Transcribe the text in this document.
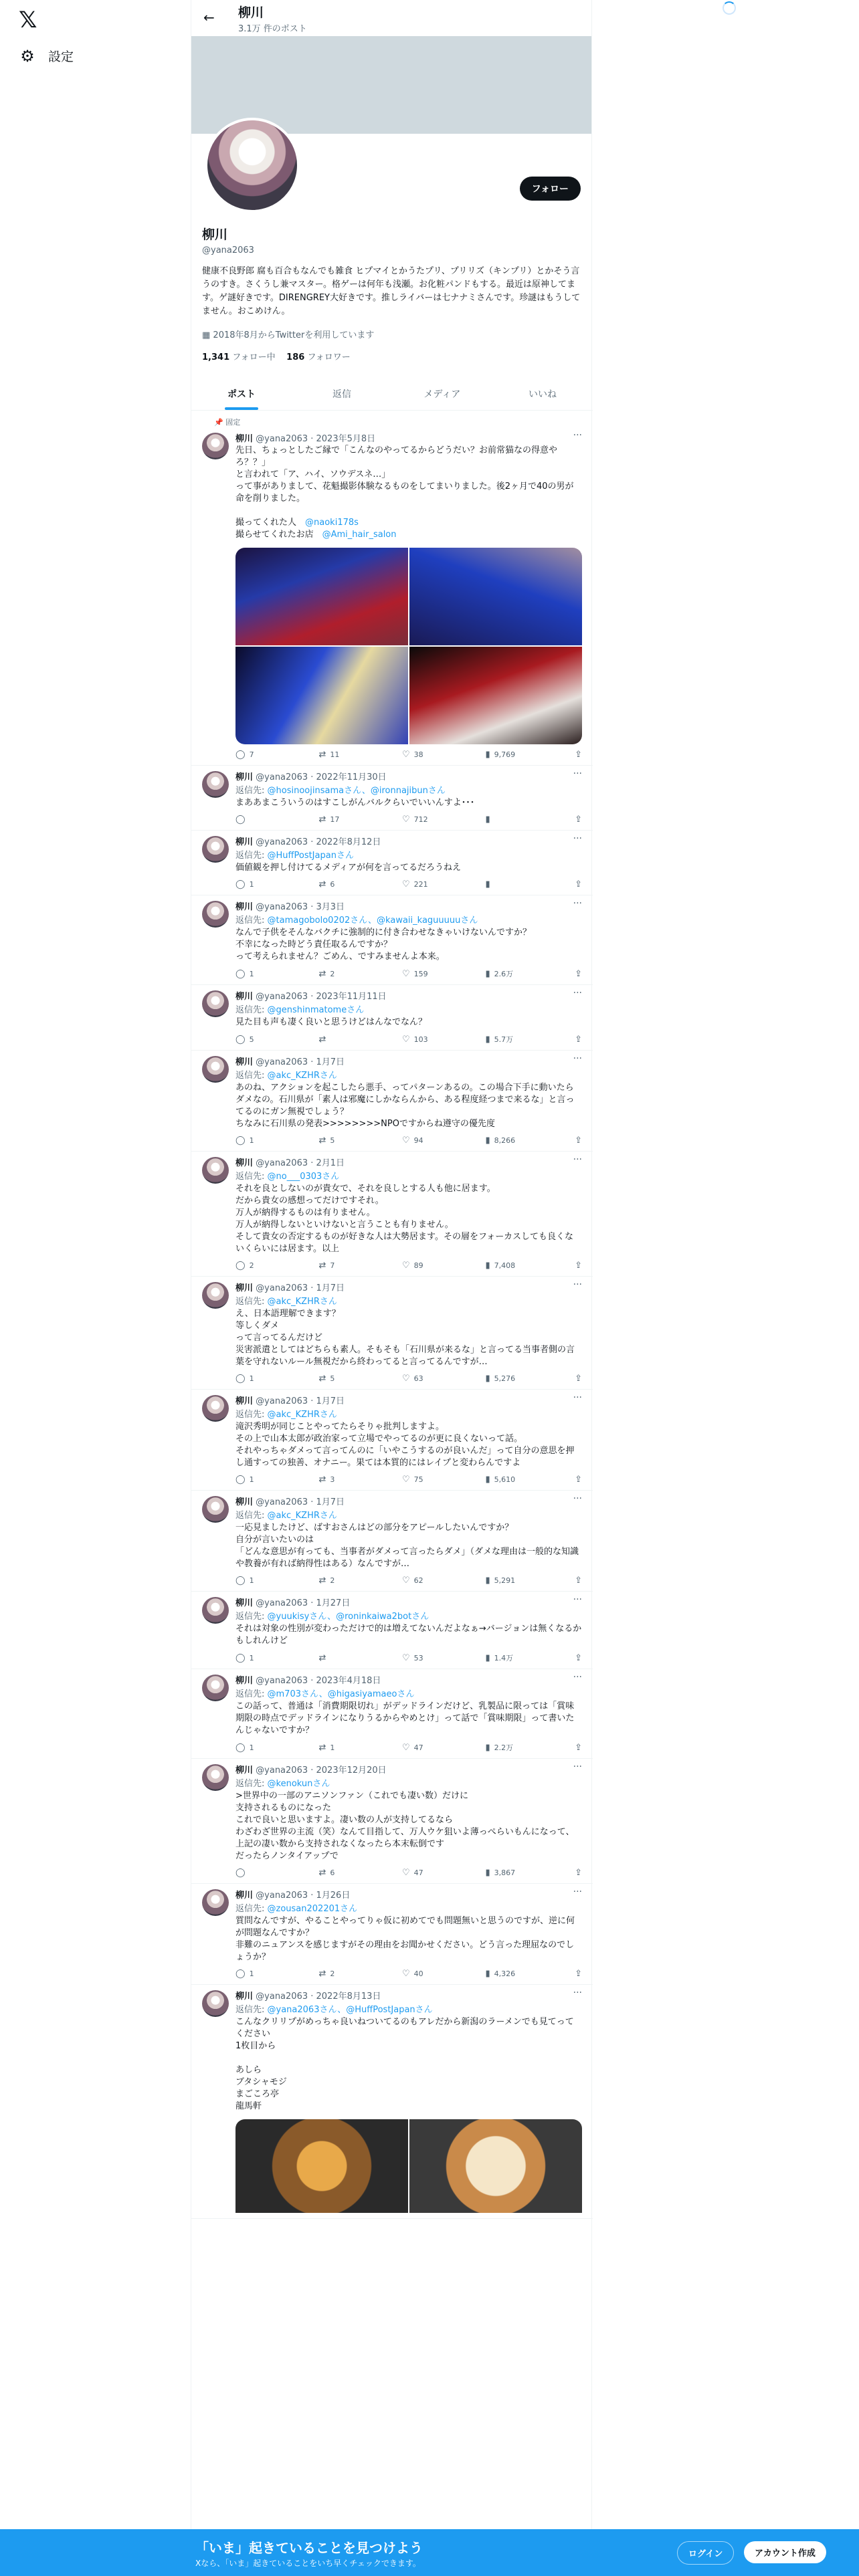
𝕏
⚙ 設定
← 柳川
3.1万 件のポスト
フォロー
柳川
@yana2063
健康不良野郎 腐も百合もなんでも雑食 ヒプマイとかうたプリ、プリリズ（キンプリ）とかそう言うのすき。さくうし兼マスター。格ゲーは何年も浅瀬。お化粧パンドもする。最近は原神してます。ゲ謎好きです。DIRENGREY大好きです。推しライバーは七ナナミさんです。珍謎はもうしてません。おこめけん。
▦ 2018年8月からTwitterを利用しています
1,341 フォロー中 186 フォロワー
ポスト	返信	メディア	いいね
📌 固定
···
柳川 @yana2063 · 2023年5月8日
先日、ちょっとしたご縁で「こんなのやってるからどうだい？お前常猫なの得意やろ？？」
と言われて「ア、ハイ、ソウデスネ…」
って事がありまして、花魁撮影体験なるものをしてまいりました。後2ヶ月で40の男が命を削りました。

撮ってくれた人　@naoki178s
撮らせてくれたお店　@Ami_hair_salon
◯ 7	⇄ 11	♡ 38	▮ 9,769	⇪
···
柳川 @yana2063 · 2022年11月30日
返信先: @hosinoojinsamaさん、@ironnajibunさん
まああまこういうのはすこしがんバルクらいでいいんすよ･･･
◯	⇄ 17	♡ 712	▮	⇪
···
柳川 @yana2063 · 2022年8月12日
返信先: @HuffPostJapanさん
価値観を押し付けてるメディアが何を言ってるだろうねえ
◯ 1	⇄ 6	♡ 221	▮	⇪
···
柳川 @yana2063 · 3月3日
返信先: @tamagobolo0202さん、@kawaii_kaguuuuuさん
なんで子供をそんなバクチに強制的に付き合わせなきゃいけないんですか？
不幸になった時どう責任取るんですか？
って考えられません？ごめん、ですみませんよ本来。
◯ 1	⇄ 2	♡ 159	▮ 2.6万	⇪
···
柳川 @yana2063 · 2023年11月11日
返信先: @genshinmatomeさん
見た目も声も凄く良いと思うけどはんなでなん？
◯ 5	⇄	♡ 103	▮ 5.7万	⇪
···
柳川 @yana2063 · 1月7日
返信先: @akc_KZHRさん
あのね、アクションを起こしたら悪手、ってパターンあるの。この場合下手に動いたらダメなの。石川県が「素人は邪魔にしかならんから、ある程度経つまで来るな」と言ってるのにガン無視でしょう？
ちなみに石川県の発表>>>>>>>>NPOですからね遵守の優先度
◯ 1	⇄ 5	♡ 94	▮ 8,266	⇪
···
柳川 @yana2063 · 2月1日
返信先: @no___0303さん
それを良としないのが貴女で、それを良しとする人も他に居ます。
だから貴女の感想ってだけですそれ。
万人が納得するものは有りません。
万人が納得しないといけないと言うことも有りません。
そして貴女の否定するものが好きな人は大勢居ます。その層をフォーカスしても良くないくらいには居ます。以上
◯ 2	⇄ 7	♡ 89	▮ 7,408	⇪
···
柳川 @yana2063 · 1月7日
返信先: @akc_KZHRさん
え、日本語理解できます？
等しくダメ
って言ってるんだけど
災害派遣としてはどちらも素人。そもそも「石川県が来るな」と言ってる当事者側の言葉を守れないルール無視だから終わってると言ってるんですが…
◯ 1	⇄ 5	♡ 63	▮ 5,276	⇪
···
柳川 @yana2063 · 1月7日
返信先: @akc_KZHRさん
滝沢秀明が同じことやってたらそりゃ批判しますよ。
その上で山本太郎が政治家って立場でやってるのが更に良くないって話。
それやっちゃダメって言ってんのに「いやこうするのが良いんだ」って自分の意思を押し通すっての独善、オナニー。果ては本質的にはレイプと変わらんですよ
◯ 1	⇄ 3	♡ 75	▮ 5,610	⇪
···
柳川 @yana2063 · 1月7日
返信先: @akc_KZHRさん
一応見ましたけど、ばすおさんはどの部分をアピールしたいんですか？
自分が言いたいのは
「どんな意思が有っても、当事者がダメって言ったらダメ」（ダメな理由は一般的な知識や教養が有れば納得性はある）なんですが…
◯ 1	⇄ 2	♡ 62	▮ 5,291	⇪
···
柳川 @yana2063 · 1月27日
返信先: @yuukisyさん、@roninkaiwa2botさん
それは対象の性別が変わっただけで的は増えてないんだよなぁ→バージョンは無くなるかもしれんけど
◯ 1	⇄	♡ 53	▮ 1.4万	⇪
···
柳川 @yana2063 · 2023年4月18日
返信先: @m703さん、@higasiyamaeoさん
この話って、普通は「消費期限切れ」がデッドラインだけど、乳製品に限っては「賞味期限の時点でデッドラインになりうるからやめとけ」って話で「賞味期限」って書いたんじゃないですか？
◯ 1	⇄ 1	♡ 47	▮ 2.2万	⇪
···
柳川 @yana2063 · 2023年12月20日
返信先: @kenokunさん
>世界中の一部のアニソンファン（これでも凄い数）だけに
支持されるものになった
これで良いと思いますよ。凄い数の人が支持してるなら
わざわざ世界の主流（笑）なんて目指して、万人ウケ狙いよ薄っぺらいもんになって、上記の凄い数から支持されなくなったら本末転倒です
だったらノンタイアップで
◯	⇄ 6	♡ 47	▮ 3,867	⇪
···
柳川 @yana2063 · 1月26日
返信先: @zousan202201さん
質問なんですが、やることやってりゃ仮に初めてでも問題無いと思うのですが、逆に何が問題なんですか？
非難のニュアンスを感じますがその理由をお聞かせください。どう言った理屈なのでしょうか？
◯ 1	⇄ 2	♡ 40	▮ 4,326	⇪
···
柳川 @yana2063 · 2022年8月13日
返信先: @yana2063さん、@HuffPostJapanさん
こんなクリリプがめっちゃ良いねついてるのもアレだから新潟のラーメンでも見てってください
1枚目から

あしら
ブタシャモジ
まごころ亭
龍馬軒
「いま」起きていることを見つけよう
Xなら、「いま」起きていることをいち早くチェックできます。
ログイン	アカウント作成
